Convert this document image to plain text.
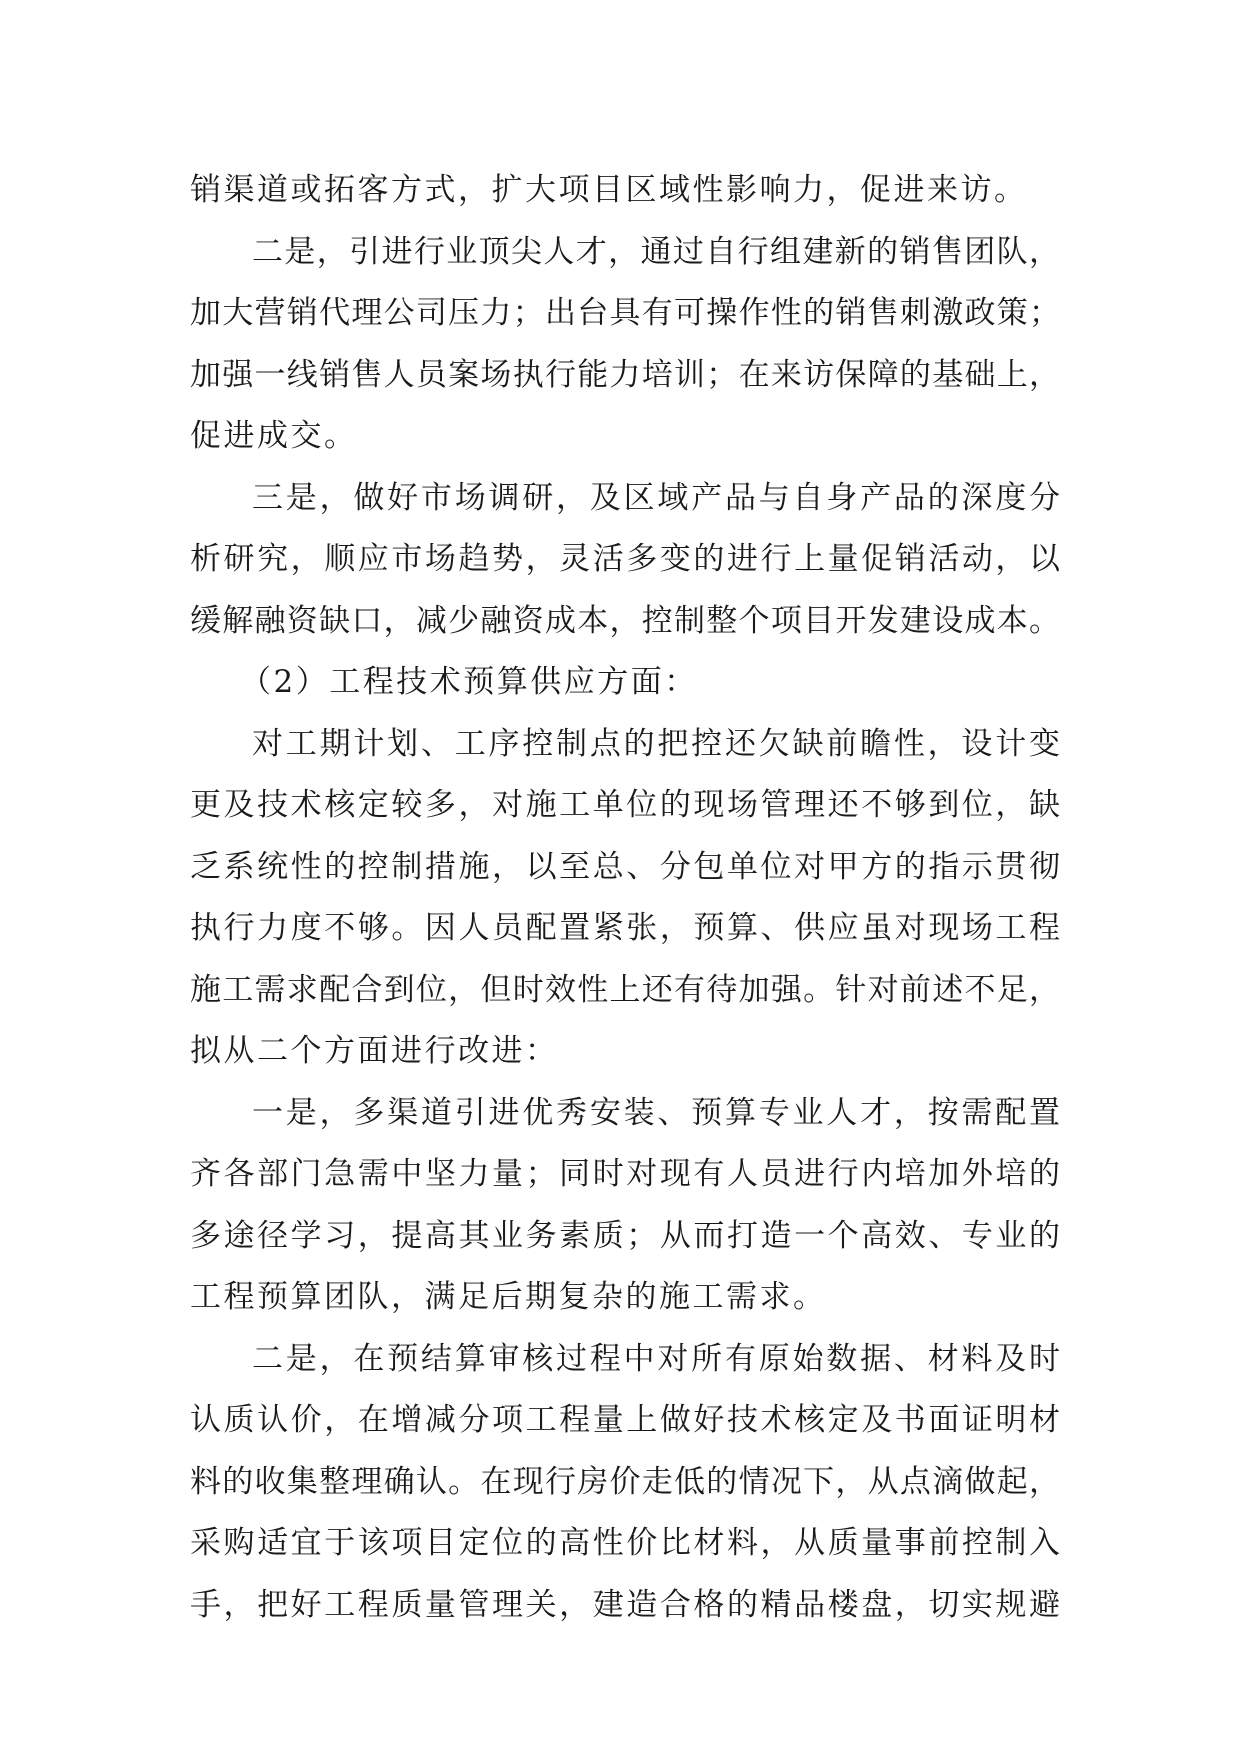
销渠道或拓客方式，扩大项目区域性影响力，促进来访。
二是，引进行业顶尖人才，通过自行组建新的销售团队，
加大营销代理公司压力；出台具有可操作性的销售刺激政策；
加强一线销售人员案场执行能力培训；在来访保障的基础上，
促进成交。
三是，做好市场调研，及区域产品与自身产品的深度分
析研究，顺应市场趋势，灵活多变的进行上量促销活动，以
缓解融资缺口，减少融资成本，控制整个项目开发建设成本。
（2）工程技术预算供应方面：
对工期计划、工序控制点的把控还欠缺前瞻性，设计变
更及技术核定较多，对施工单位的现场管理还不够到位，缺
乏系统性的控制措施，以至总、分包单位对甲方的指示贯彻
执行力度不够。因人员配置紧张，预算、供应虽对现场工程
施工需求配合到位，但时效性上还有待加强。针对前述不足，
拟从二个方面进行改进：
一是，多渠道引进优秀安装、预算专业人才，按需配置
齐各部门急需中坚力量；同时对现有人员进行内培加外培的
多途径学习，提高其业务素质；从而打造一个高效、专业的
工程预算团队，满足后期复杂的施工需求。
二是，在预结算审核过程中对所有原始数据、材料及时
认质认价，在增减分项工程量上做好技术核定及书面证明材
料的收集整理确认。在现行房价走低的情况下，从点滴做起，
采购适宜于该项目定位的高性价比材料，从质量事前控制入
手，把好工程质量管理关，建造合格的精品楼盘，切实规避
